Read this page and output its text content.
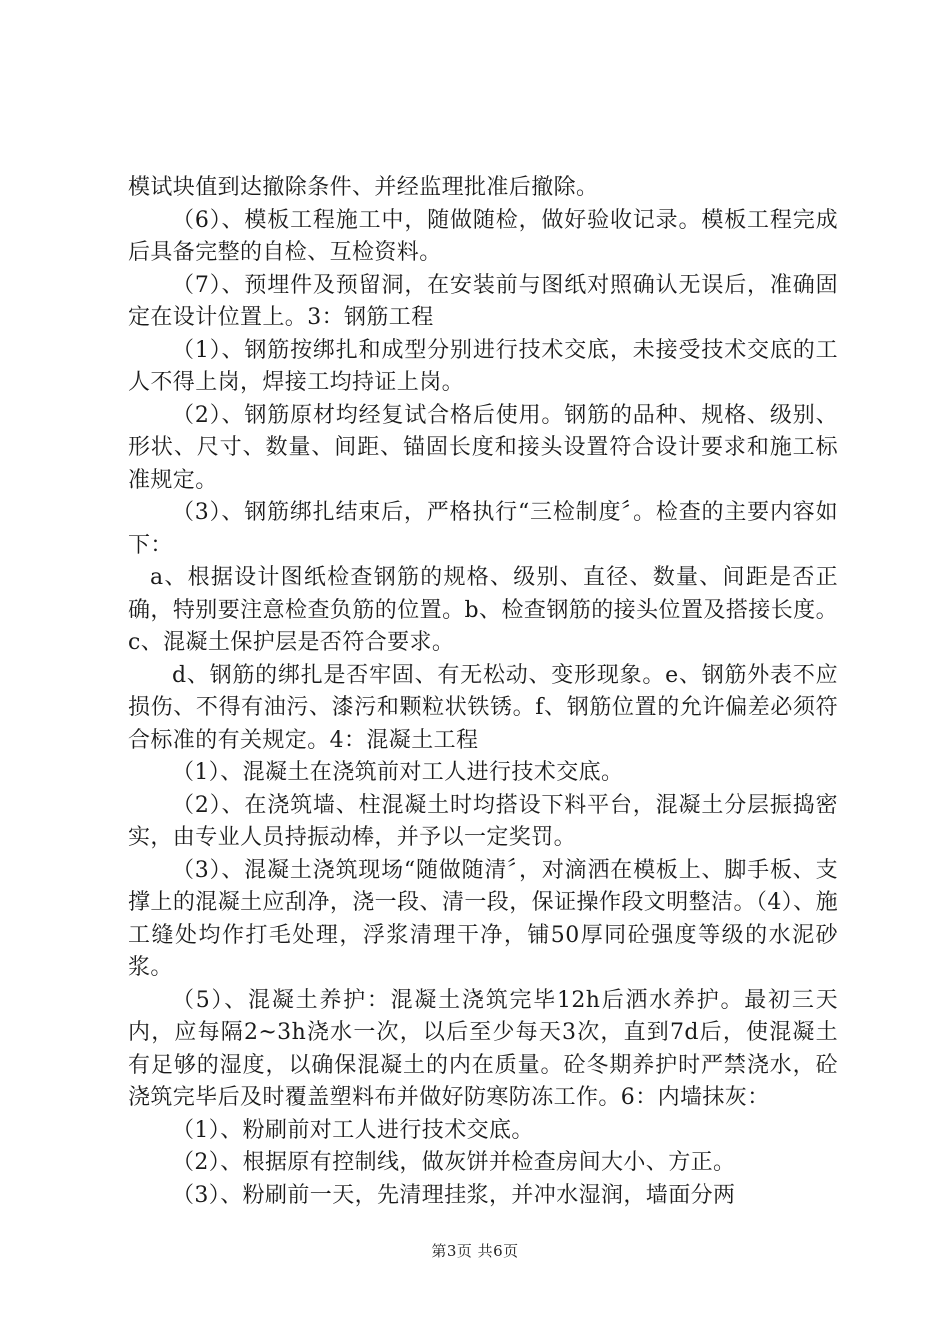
模试块值到达撤除条件、并经监理批准后撤除。

（6）、模板工程施工中，随做随检，做好验收记录。模板工程完成后具备完整的自检、互检资料。

（7）、预埋件及预留洞，在安装前与图纸对照确认无误后，准确固定在设计位置上。3：钢筋工程

（1）、钢筋按绑扎和成型分别进行技术交底，未接受技术交底的工人不得上岗，焊接工均持证上岗。

（2）、钢筋原材均经复试合格后使用。钢筋的品种、规格、级别、形状、尺寸、数量、间距、锚固长度和接头设置符合设计要求和施工标准规定。

（3）、钢筋绑扎结束后，严格执行“三检制度〞。检查的主要内容如下：

a、根据设计图纸检查钢筋的规格、级别、直径、数量、间距是否正确，特别要注意检查负筋的位置。b、检查钢筋的接头位置及搭接长度。c、混凝土保护层是否符合要求。

d、钢筋的绑扎是否牢固、有无松动、变形现象。e、钢筋外表不应损伤、不得有油污、漆污和颗粒状铁锈。f、钢筋位置的允许偏差必须符合标准的有关规定。4：混凝土工程

（1）、混凝土在浇筑前对工人进行技术交底。

（2）、在浇筑墙、柱混凝土时均搭设下料平台，混凝土分层振捣密实，由专业人员持振动棒，并予以一定奖罚。

（3）、混凝土浇筑现场“随做随清〞，对滴洒在模板上、脚手板、支撑上的混凝土应刮净，浇一段、清一段，保证操作段文明整洁。（4）、施工缝处均作打毛处理，浮浆清理干净，铺50厚同砼强度等级的水泥砂浆。

（5）、混凝土养护：混凝土浇筑完毕12h后洒水养护。最初三天内，应每隔2~3h浇水一次，以后至少每天3次，直到7d后，使混凝土有足够的湿度，以确保混凝土的内在质量。砼冬期养护时严禁浇水，砼浇筑完毕后及时覆盖塑料布并做好防寒防冻工作。6：内墙抹灰：

（1）、粉刷前对工人进行技术交底。

（2）、根据原有控制线，做灰饼并检查房间大小、方正。

（3）、粉刷前一天，先清理挂浆，并冲水湿润，墙面分两

第3页 共6页
